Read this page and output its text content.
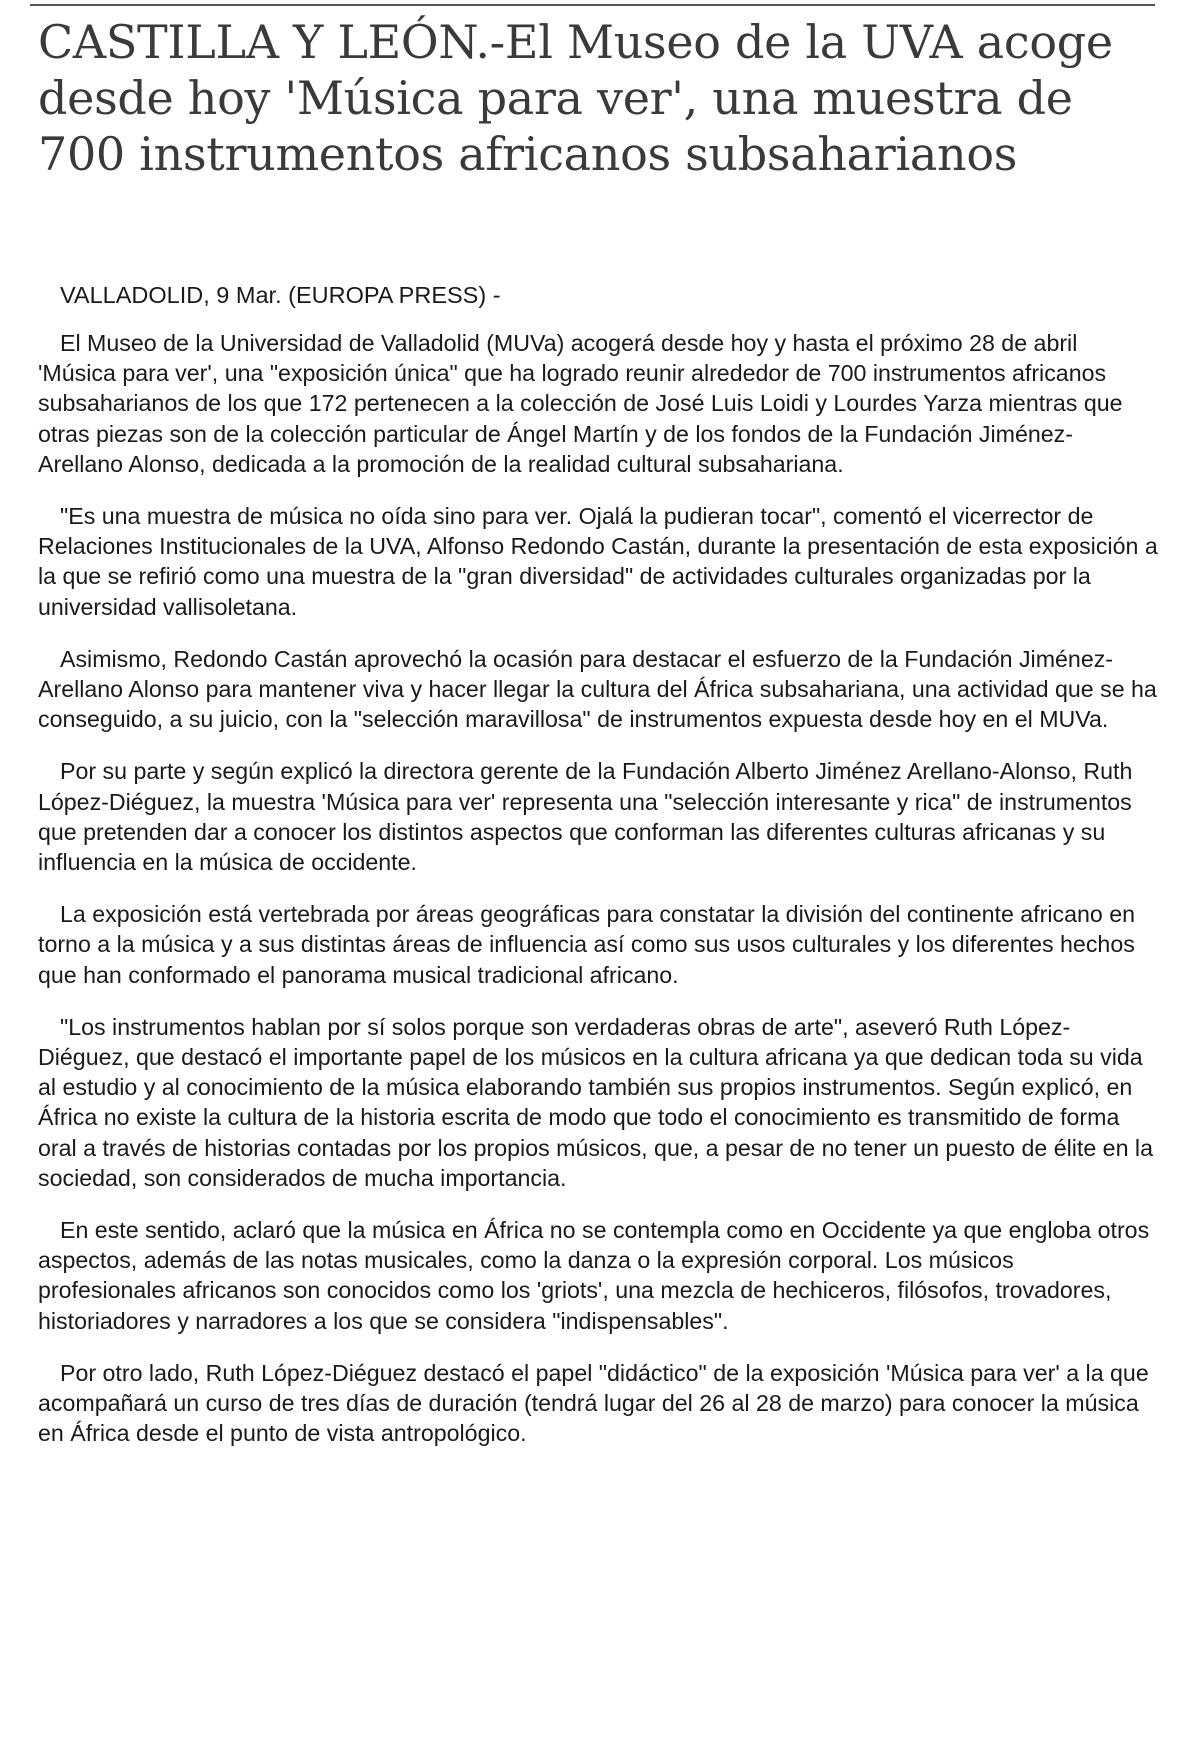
CASTILLA Y LEÓN.-El Museo de la UVA acoge desde hoy 'Música para ver', una muestra de 700 instrumentos africanos subsaharianos
VALLADOLID, 9 Mar. (EUROPA PRESS) -

El Museo de la Universidad de Valladolid (MUVa) acogerá desde hoy y hasta el próximo 28 de abril 'Música para ver', una "exposición única" que ha logrado reunir alrededor de 700 instrumentos africanos subsaharianos de los que 172 pertenecen a la colección de José Luis Loidi y Lourdes Yarza mientras que otras piezas son de la colección particular de Ángel Martín y de los fondos de la Fundación Jiménez-Arellano Alonso, dedicada a la promoción de la realidad cultural subsahariana.

"Es una muestra de música no oída sino para ver. Ojalá la pudieran tocar", comentó el vicerrector de Relaciones Institucionales de la UVA, Alfonso Redondo Castán, durante la presentación de esta exposición a la que se refirió como una muestra de la "gran diversidad" de actividades culturales organizadas por la universidad vallisoletana.

Asimismo, Redondo Castán aprovechó la ocasión para destacar el esfuerzo de la Fundación Jiménez-Arellano Alonso para mantener viva y hacer llegar la cultura del África subsahariana, una actividad que se ha conseguido, a su juicio, con la "selección maravillosa" de instrumentos expuesta desde hoy en el MUVa.

Por su parte y según explicó la directora gerente de la Fundación Alberto Jiménez Arellano-Alonso, Ruth López-Diéguez, la muestra 'Música para ver' representa una "selección interesante y rica" de instrumentos que pretenden dar a conocer los distintos aspectos que conforman las diferentes culturas africanas y su influencia en la música de occidente.

La exposición está vertebrada por áreas geográficas para constatar la división del continente africano en torno a la música y a sus distintas áreas de influencia así como sus usos culturales y los diferentes hechos que han conformado el panorama musical tradicional africano.

"Los instrumentos hablan por sí solos porque son verdaderas obras de arte", aseveró Ruth López-Diéguez, que destacó el importante papel de los músicos en la cultura africana ya que dedican toda su vida al estudio y al conocimiento de la música elaborando también sus propios instrumentos. Según explicó, en África no existe la cultura de la historia escrita de modo que todo el conocimiento es transmitido de forma oral a través de historias contadas por los propios músicos, que, a pesar de no tener un puesto de élite en la sociedad, son considerados de mucha importancia.

En este sentido, aclaró que la música en África no se contempla como en Occidente ya que engloba otros aspectos, además de las notas musicales, como la danza o la expresión corporal. Los músicos profesionales africanos son conocidos como los 'griots', una mezcla de hechiceros, filósofos, trovadores, historiadores y narradores a los que se considera "indispensables".

Por otro lado, Ruth López-Diéguez destacó el papel "didáctico" de la exposición 'Música para ver' a la que acompañará un curso de tres días de duración (tendrá lugar del 26 al 28 de marzo) para conocer la música en África desde el punto de vista antropológico.
